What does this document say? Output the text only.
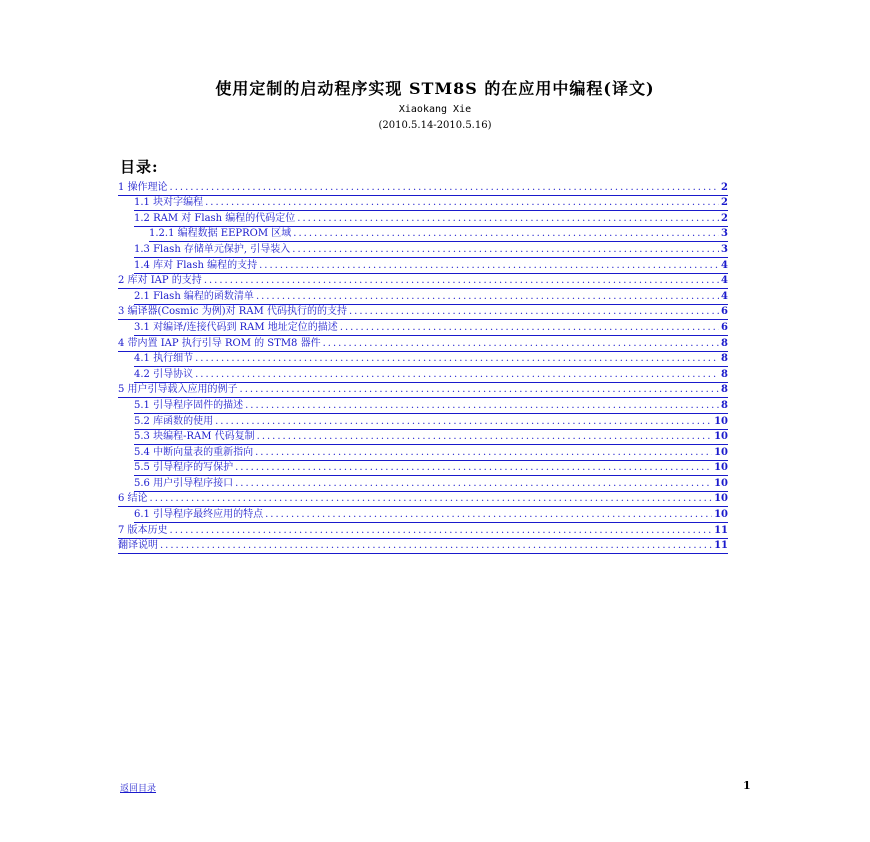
使用定制的启动程序实现 STM8S 的在应用中编程(译文)
Xiaokang Xie
(2010.5.14-2010.5.16)
目录:
1 操作理论 .....	2
1.1 块对字编程 .....	2
1.2 RAM 对 Flash 编程的代码定位 .....	2
1.2.1 编程数据 EEPROM 区域 .....	3
1.3 Flash 存储单元保护, 引导装入 .....	3
1.4 库对 Flash 编程的支持 .....	4
2 库对 IAP 的支持 .....	4
2.1 Flash 编程的函数清单 .....	4
3 编译器(Cosmic 为例)对 RAM 代码执行的的支持 .....	6
3.1 对编译/连接代码到 RAM 地址定位的描述 .....	6
4 带内置 IAP 执行引导 ROM 的 STM8 器件 .....	8
4.1 执行细节 .....	8
4.2 引导协议 .....	8
5 用户引导载入应用的例子 .....	8
5.1 引导程序固件的描述 .....	8
5.2 库函数的使用 .....	10
5.3 块编程-RAM 代码复制 .....	10
5.4 中断向量表的重新指向 .....	10
5.5 引导程序的写保护 .....	10
5.6 用户引导程序接口 .....	10
6 结论 .....	10
6.1 引导程序最终应用的特点 .....	10
7 版本历史 .....	11
翻译说明 .....	11
返回目录	1
